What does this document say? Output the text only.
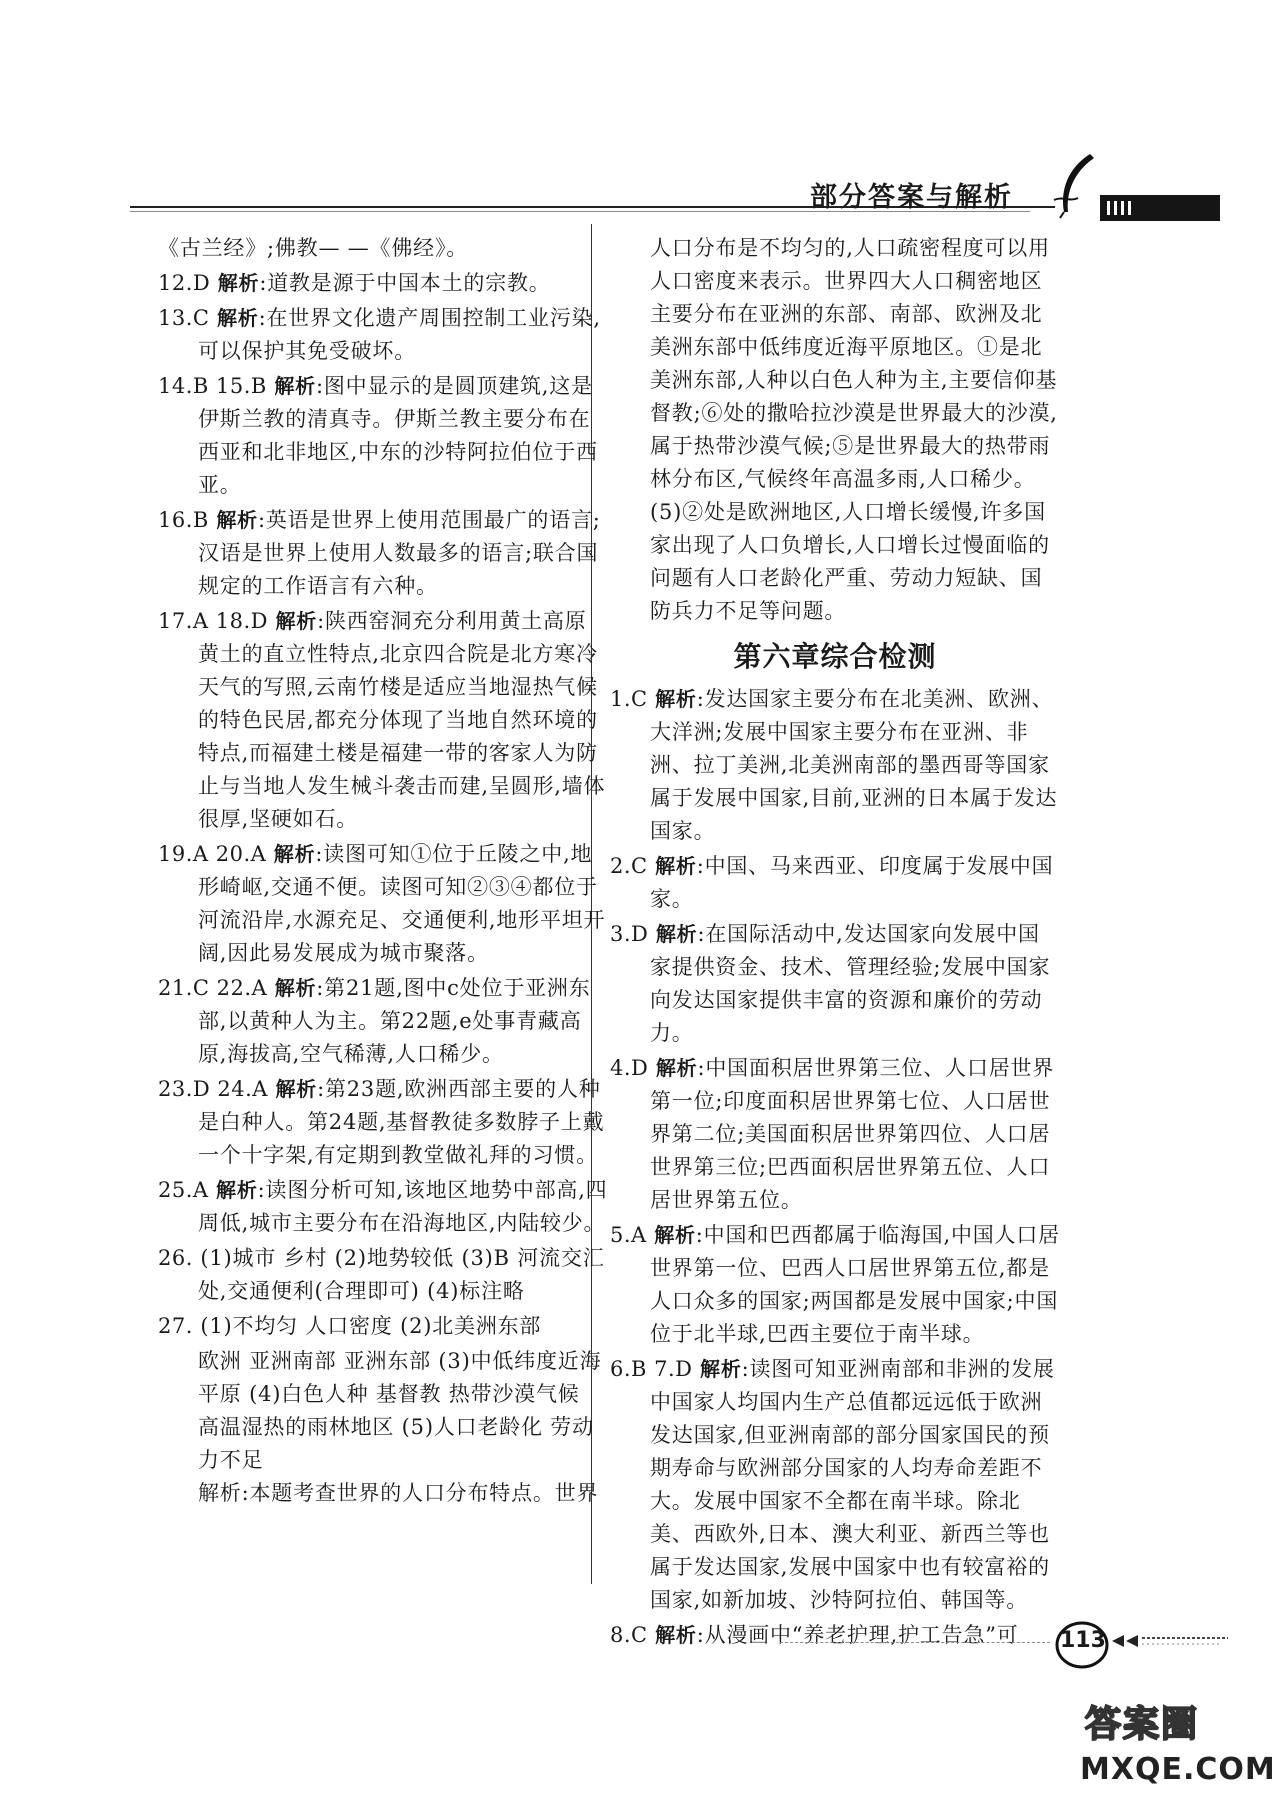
部分答案与解析
《古兰经》;佛教— —《佛经》。
12.D 解析:道教是源于中国本土的宗教。
13.C 解析:在世界文化遗产周围控制工业污染,可以保护其免受破坏。
14.B 15.B 解析:图中显示的是圆顶建筑,这是伊斯兰教的清真寺。伊斯兰教主要分布在西亚和北非地区,中东的沙特阿拉伯位于西亚。
16.B 解析:英语是世界上使用范围最广的语言;汉语是世界上使用人数最多的语言;联合国规定的工作语言有六种。
17.A 18.D 解析:陕西窑洞充分利用黄土高原黄土的直立性特点,北京四合院是北方寒冷天气的写照,云南竹楼是适应当地湿热气候的特色民居,都充分体现了当地自然环境的特点,而福建土楼是福建一带的客家人为防止与当地人发生械斗袭击而建,呈圆形,墙体很厚,坚硬如石。
19.A 20.A 解析:读图可知①位于丘陵之中,地形崎岖,交通不便。读图可知②③④都位于河流沿岸,水源充足、交通便利,地形平坦开阔,因此易发展成为城市聚落。
21.C 22.A 解析:第21题,图中c处位于亚洲东部,以黄种人为主。第22题,e处事青藏高原,海拔高,空气稀薄,人口稀少。
23.D 24.A 解析:第23题,欧洲西部主要的人种是白种人。第24题,基督教徒多数脖子上戴一个十字架,有定期到教堂做礼拜的习惯。
25.A 解析:读图分析可知,该地区地势中部高,四周低,城市主要分布在沿海地区,内陆较少。
26. (1)城市 乡村 (2)地势较低 (3)B 河流交汇处,交通便利(合理即可) (4)标注略
27. (1)不均匀 人口密度 (2)北美洲东部
欧洲 亚洲南部 亚洲东部 (3)中低纬度近海 平原 (4)白色人种 基督教 热带沙漠气候 高温湿热的雨林地区 (5)人口老龄化 劳动力不足
解析:本题考查世界的人口分布特点。世界
人口分布是不均匀的,人口疏密程度可以用人口密度来表示。世界四大人口稠密地区主要分布在亚洲的东部、南部、欧洲及北美洲东部中低纬度近海平原地区。①是北美洲东部,人种以白色人种为主,主要信仰基督教;⑥处的撒哈拉沙漠是世界最大的沙漠,属于热带沙漠气候;⑤是世界最大的热带雨林分布区,气候终年高温多雨,人口稀少。(5)②处是欧洲地区,人口增长缓慢,许多国家出现了人口负增长,人口增长过慢面临的问题有人口老龄化严重、劳动力短缺、国防兵力不足等问题。
第六章综合检测
1.C 解析:发达国家主要分布在北美洲、欧洲、大洋洲;发展中国家主要分布在亚洲、非洲、拉丁美洲,北美洲南部的墨西哥等国家属于发展中国家,目前,亚洲的日本属于发达国家。
2.C 解析:中国、马来西亚、印度属于发展中国家。
3.D 解析:在国际活动中,发达国家向发展中国家提供资金、技术、管理经验;发展中国家向发达国家提供丰富的资源和廉价的劳动力。
4.D 解析:中国面积居世界第三位、人口居世界第一位;印度面积居世界第七位、人口居世界第二位;美国面积居世界第四位、人口居世界第三位;巴西面积居世界第五位、人口居世界第五位。
5.A 解析:中国和巴西都属于临海国,中国人口居世界第一位、巴西人口居世界第五位,都是人口众多的国家;两国都是发展中国家;中国位于北半球,巴西主要位于南半球。
6.B 7.D 解析:读图可知亚洲南部和非洲的发展中国家人均国内生产总值都远远低于欧洲发达国家,但亚洲南部的部分国家国民的预期寿命与欧洲部分国家的人均寿命差距不大。发展中国家不全都在南半球。除北美、西欧外,日本、澳大利亚、新西兰等也属于发达国家,发展中国家中也有较富裕的国家,如新加坡、沙特阿拉伯、韩国等。
8.C 解析:从漫画中“养老护理,护工告急”可	113
答案圈
MXQE.COM
